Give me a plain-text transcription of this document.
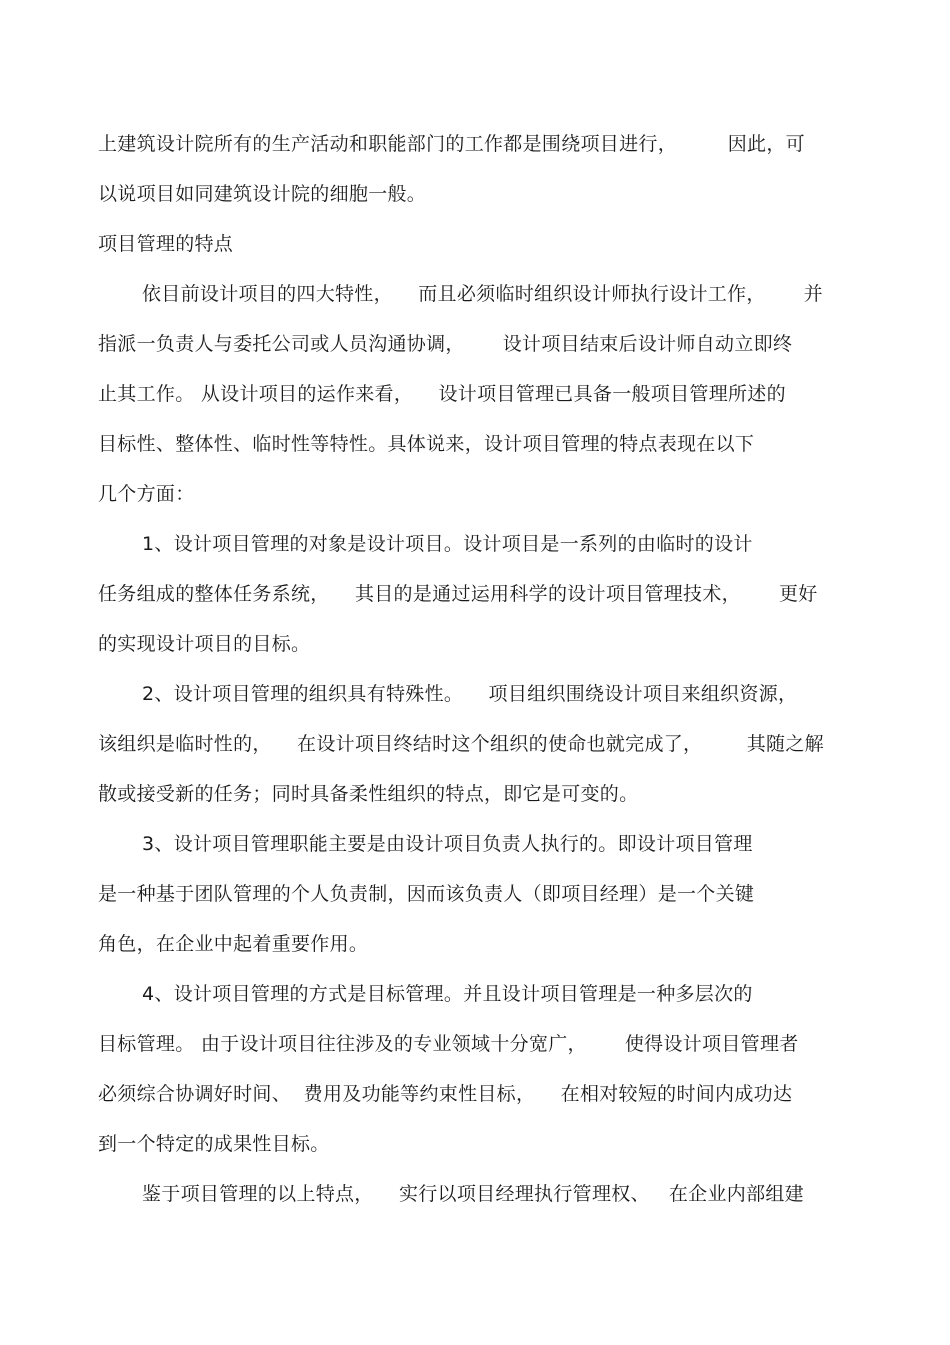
上建筑设计院所有的生产活动和职能部门的工作都是围绕项目进行，        因此，可
以说项目如同建筑设计院的细胞一般。
项目管理的特点
依目前设计项目的四大特性，    而且必须临时组织设计师执行设计工作，      并
指派一负责人与委托公司或人员沟通协调，      设计项目结束后设计师自动立即终
止其工作。 从设计项目的运作来看，    设计项目管理已具备一般项目管理所述的
目标性、整体性、临时性等特性。具体说来，设计项目管理的特点表现在以下
几个方面：
1、设计项目管理的对象是设计项目。设计项目是一系列的由临时的设计
任务组成的整体任务系统，    其目的是通过运用科学的设计项目管理技术，      更好
的实现设计项目的目标。
2、设计项目管理的组织具有特殊性。    项目组织围绕设计项目来组织资源，
该组织是临时性的，    在设计项目终结时这个组织的使命也就完成了，       其随之解
散或接受新的任务；同时具备柔性组织的特点，即它是可变的。
3、设计项目管理职能主要是由设计项目负责人执行的。即设计项目管理
是一种基于团队管理的个人负责制，因而该负责人（即项目经理）是一个关键
角色，在企业中起着重要作用。
4、设计项目管理的方式是目标管理。并且设计项目管理是一种多层次的
目标管理。 由于设计项目往往涉及的专业领域十分宽广，      使得设计项目管理者
必须综合协调好时间、  费用及功能等约束性目标，    在相对较短的时间内成功达
到一个特定的成果性目标。
鉴于项目管理的以上特点，    实行以项目经理执行管理权、   在企业内部组建
